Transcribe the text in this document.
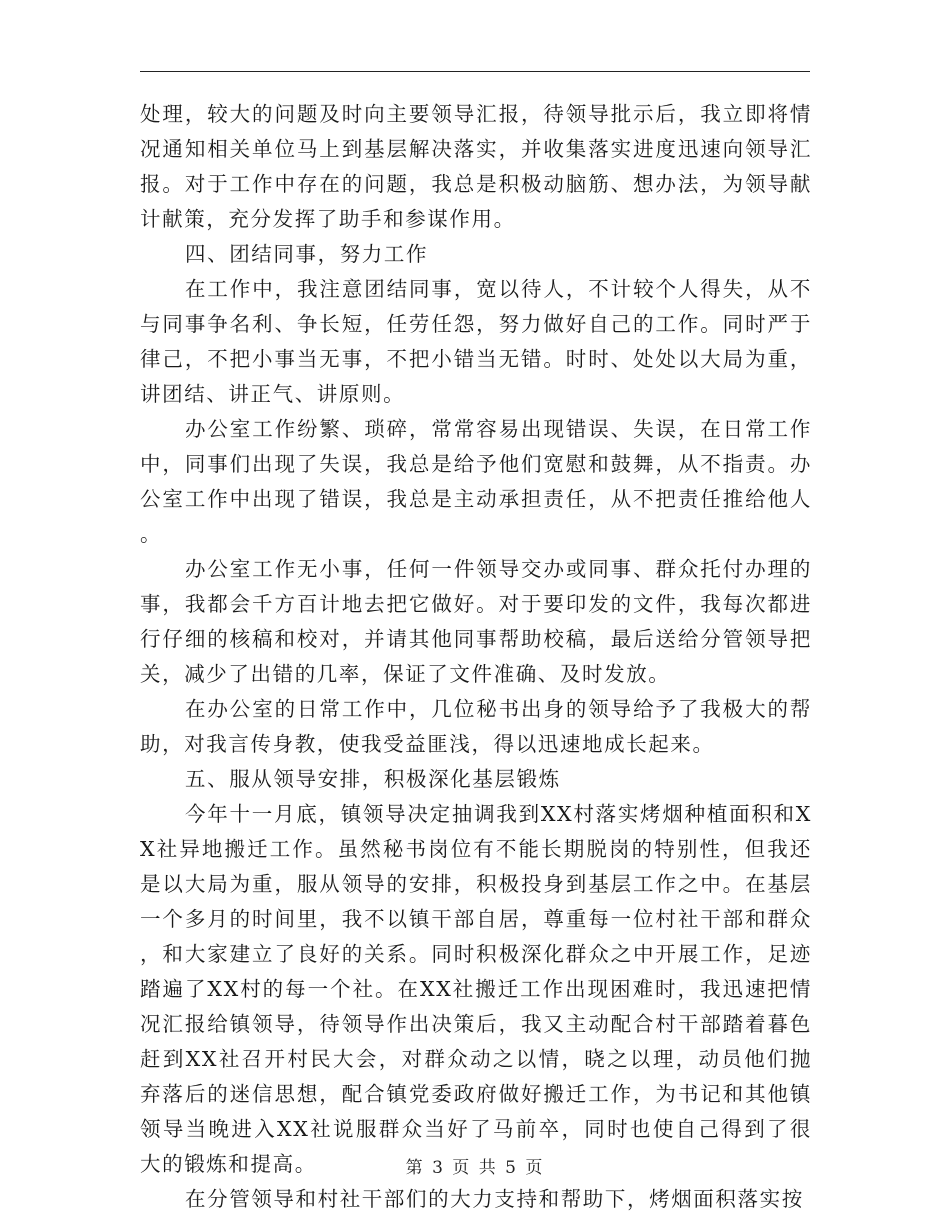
处理，较大的问题及时向主要领导汇报，待领导批示后，我立即将情况通知相关单位马上到基层解决落实，并收集落实进度迅速向领导汇报。对于工作中存在的问题，我总是积极动脑筋、想办法，为领导献计献策，充分发挥了助手和参谋作用。

四、团结同事，努力工作

在工作中，我注意团结同事，宽以待人，不计较个人得失，从不与同事争名利、争长短，任劳任怨，努力做好自己的工作。同时严于律己，不把小事当无事，不把小错当无错。时时、处处以大局为重，讲团结、讲正气、讲原则。

办公室工作纷繁、琐碎，常常容易出现错误、失误，在日常工作中，同事们出现了失误，我总是给予他们宽慰和鼓舞，从不指责。办公室工作中出现了错误，我总是主动承担责任，从不把责任推给他人。

办公室工作无小事，任何一件领导交办或同事、群众托付办理的事，我都会千方百计地去把它做好。对于要印发的文件，我每次都进行仔细的核稿和校对，并请其他同事帮助校稿，最后送给分管领导把关，减少了出错的几率，保证了文件准确、及时发放。

在办公室的日常工作中，几位秘书出身的领导给予了我极大的帮助，对我言传身教，使我受益匪浅，得以迅速地成长起来。

五、服从领导安排，积极深化基层锻炼

今年十一月底，镇领导决定抽调我到XX村落实烤烟种植面积和XX社异地搬迁工作。虽然秘书岗位有不能长期脱岗的特别性，但我还是以大局为重，服从领导的安排，积极投身到基层工作之中。在基层一个多月的时间里，我不以镇干部自居，尊重每一位村社干部和群众，和大家建立了良好的关系。同时积极深化群众之中开展工作，足迹踏遍了XX村的每一个社。在XX社搬迁工作出现困难时，我迅速把情况汇报给镇领导，待领导作出决策后，我又主动配合村干部踏着暮色赶到XX社召开村民大会，对群众动之以情，晓之以理，动员他们抛弃落后的迷信思想，配合镇党委政府做好搬迁工作，为书记和其他镇领导当晚进入XX社说服群众当好了马前卒，同时也使自己得到了很大的锻炼和提高。

在分管领导和村社干部们的大力支持和帮助下，烤烟面积落实按

第 3 页 共 5 页
